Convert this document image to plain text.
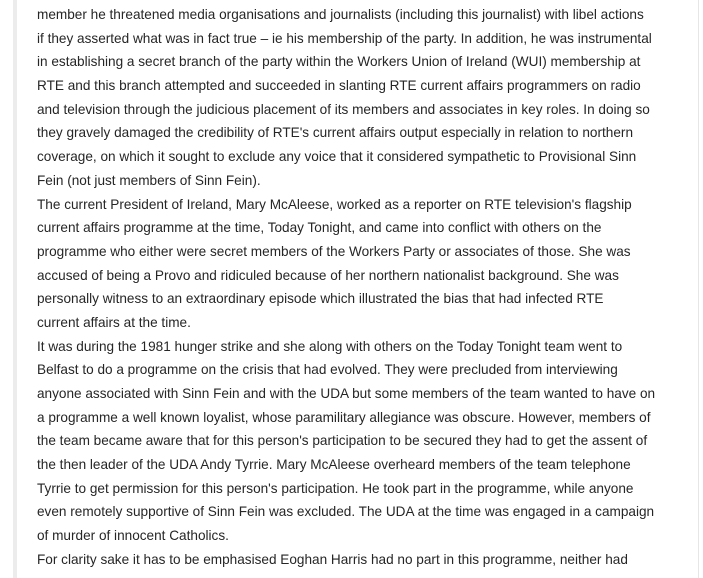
member he threatened media organisations and journalists (including this journalist) with libel actions
if they asserted what was in fact true – ie his membership of the party. In addition, he was instrumental
in establishing a secret branch of the party within the Workers Union of Ireland (WUI) membership at
RTE and this branch attempted and succeeded in slanting RTE current affairs programmers on radio
and television through the judicious placement of its members and associates in key roles. In doing so
they gravely damaged the credibility of RTE's current affairs output especially in relation to northern
coverage, on which it sought to exclude any voice that it considered sympathetic to Provisional Sinn
Fein (not just members of Sinn Fein).
The current President of Ireland, Mary McAleese, worked as a reporter on RTE television's flagship
current affairs programme at the time, Today Tonight, and came into conflict with others on the
programme who either were secret members of the Workers Party or associates of those. She was
accused of being a Provo and ridiculed because of her northern nationalist background. She was
personally witness to an extraordinary episode which illustrated the bias that had infected RTE
current affairs at the time.
It was during the 1981 hunger strike and she along with others on the Today Tonight team went to
Belfast to do a programme on the crisis that had evolved. They were precluded from interviewing
anyone associated with Sinn Fein and with the UDA but some members of the team wanted to have on
a programme a well known loyalist, whose paramilitary allegiance was obscure. However, members of
the team became aware that for this person's participation to be secured they had to get the assent of
the then leader of the UDA Andy Tyrrie. Mary McAleese overheard members of the team telephone
Tyrrie to get permission for this person's participation. He took part in the programme, while anyone
even remotely supportive of Sinn Fein was excluded. The UDA at the time was engaged in a campaign
of murder of innocent Catholics.
For clarity sake it has to be emphasised Eoghan Harris had no part in this programme, neither had
